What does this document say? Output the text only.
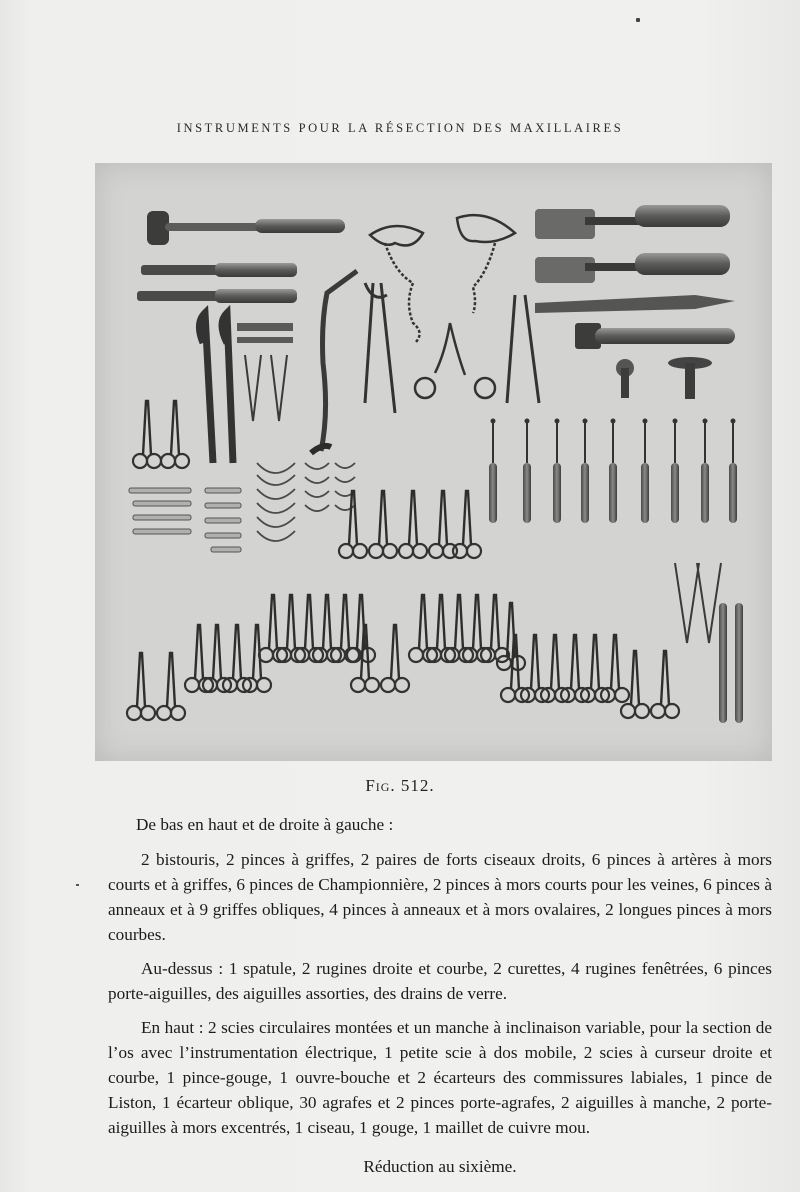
INSTRUMENTS POUR LA RÉSECTION DES MAXILLAIRES
Fig. 512.

De bas en haut et de droite à gauche :

2 bistouris, 2 pinces à griffes, 2 paires de forts ciseaux droits, 6 pinces à artères à mors courts et à griffes, 6 pinces de Championnière, 2 pinces à mors courts pour les veines, 6 pinces à anneaux et à 9 griffes obliques, 4 pinces à anneaux et à mors ovalaires, 2 longues pinces à mors courbes.

Au-dessus : 1 spatule, 2 rugines droite et courbe, 2 curettes, 4 rugines fenêtrées, 6 pinces porte-aiguilles, des aiguilles assorties, des drains de verre.

En haut : 2 scies circulaires montées et un manche à inclinaison variable, pour la section de l’os avec l’instrumentation électrique, 1 petite scie à dos mobile, 2 scies à curseur droite et courbe, 1 pince-gouge, 1 ouvre-bouche et 2 écarteurs des commissures labiales, 1 pince de Liston, 1 écarteur oblique, 30 agrafes et 2 pinces porte-agrafes, 2 aiguilles à manche, 2 porte-aiguilles à mors excentrés, 1 ciseau, 1 gouge, 1 maillet de cuivre mou.

Réduction au sixième.
